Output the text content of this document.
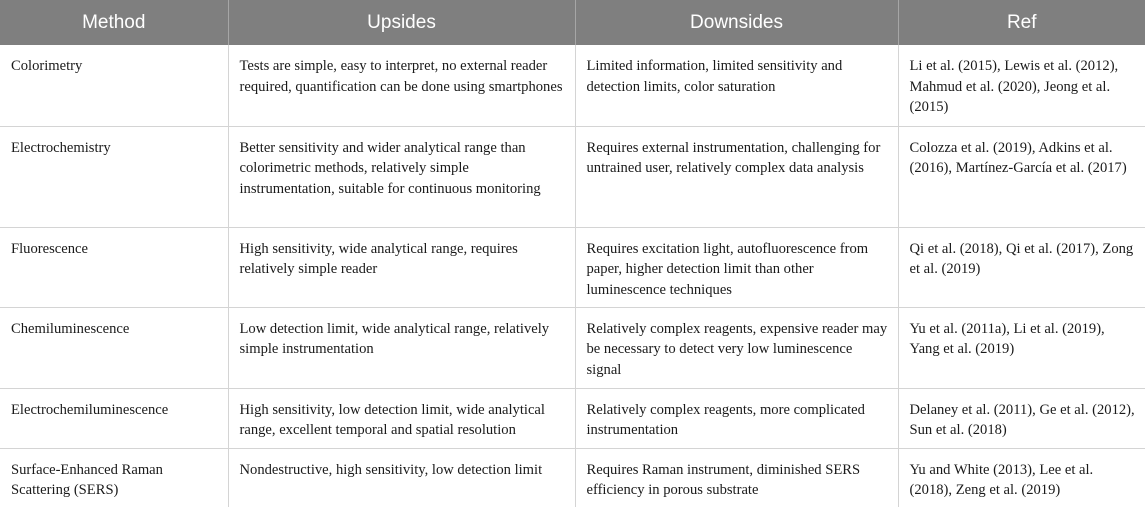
Method	Upsides	Downsides	Ref
Colorimetry	Tests are simple, easy to interpret, no external reader required, quantification can be done using smartphones	Limited information, limited sensitivity and detection limits, color saturation	Li et al. (2015), Lewis et al. (2012), Mahmud et al. (2020), Jeong et al. (2015)
Electrochemistry	Better sensitivity and wider analytical range than colorimetric methods, relatively simple instrumentation, suitable for continuous monitoring	Requires external instrumentation, challenging for untrained user, relatively complex data analysis	Colozza et al. (2019), Adkins et al. (2016), Martínez-García et al. (2017)
Fluorescence	High sensitivity, wide analytical range, requires relatively simple reader	Requires excitation light, autofluorescence from paper, higher detection limit than other luminescence techniques	Qi et al. (2018), Qi et al. (2017), Zong et al. (2019)
Chemiluminescence	Low detection limit, wide analytical range, relatively simple instrumentation	Relatively complex reagents, expensive reader may be necessary to detect very low luminescence signal	Yu et al. (2011a), Li et al. (2019), Yang et al. (2019)
Electrochemiluminescence	High sensitivity, low detection limit, wide analytical range, excellent temporal and spatial resolution	Relatively complex reagents, more complicated instrumentation	Delaney et al. (2011), Ge et al. (2012), Sun et al. (2018)
Surface-Enhanced Raman Scattering (SERS)	Nondestructive, high sensitivity, low detection limit	Requires Raman instrument, diminished SERS efficiency in porous substrate	Yu and White (2013), Lee et al. (2018), Zeng et al. (2019)
